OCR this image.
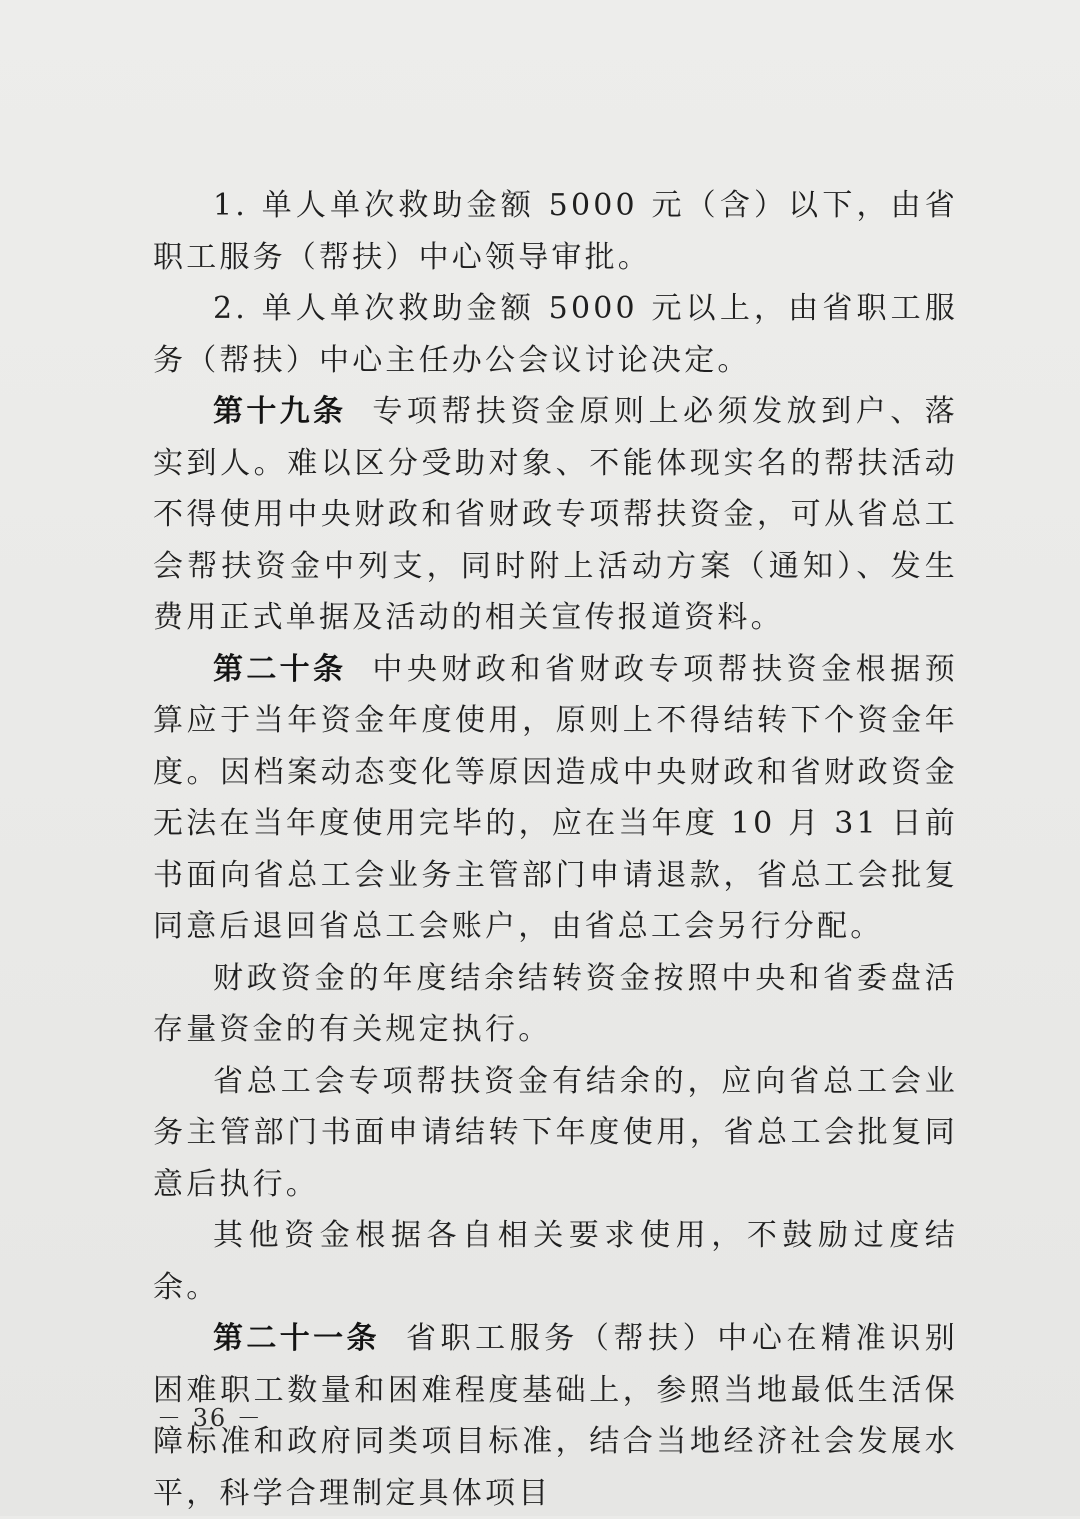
1. 单人单次救助金额 5000 元（含）以下，由省职工服务（帮扶）中心领导审批。

2. 单人单次救助金额 5000 元以上，由省职工服务（帮扶）中心主任办公会议讨论决定。

第十九条 专项帮扶资金原则上必须发放到户、落实到人。难以区分受助对象、不能体现实名的帮扶活动不得使用中央财政和省财政专项帮扶资金，可从省总工会帮扶资金中列支，同时附上活动方案（通知）、发生费用正式单据及活动的相关宣传报道资料。

第二十条 中央财政和省财政专项帮扶资金根据预算应于当年资金年度使用，原则上不得结转下个资金年度。因档案动态变化等原因造成中央财政和省财政资金无法在当年度使用完毕的，应在当年度 10 月 31 日前书面向省总工会业务主管部门申请退款，省总工会批复同意后退回省总工会账户，由省总工会另行分配。

财政资金的年度结余结转资金按照中央和省委盘活存量资金的有关规定执行。

省总工会专项帮扶资金有结余的，应向省总工会业务主管部门书面申请结转下年度使用，省总工会批复同意后执行。

其他资金根据各自相关要求使用，不鼓励过度结余。

第二十一条 省职工服务（帮扶）中心在精准识别困难职工数量和困难程度基础上，参照当地最低生活保障标准和政府同类项目标准，结合当地经济社会发展水平，科学合理制定具体项目

－ 36 －
